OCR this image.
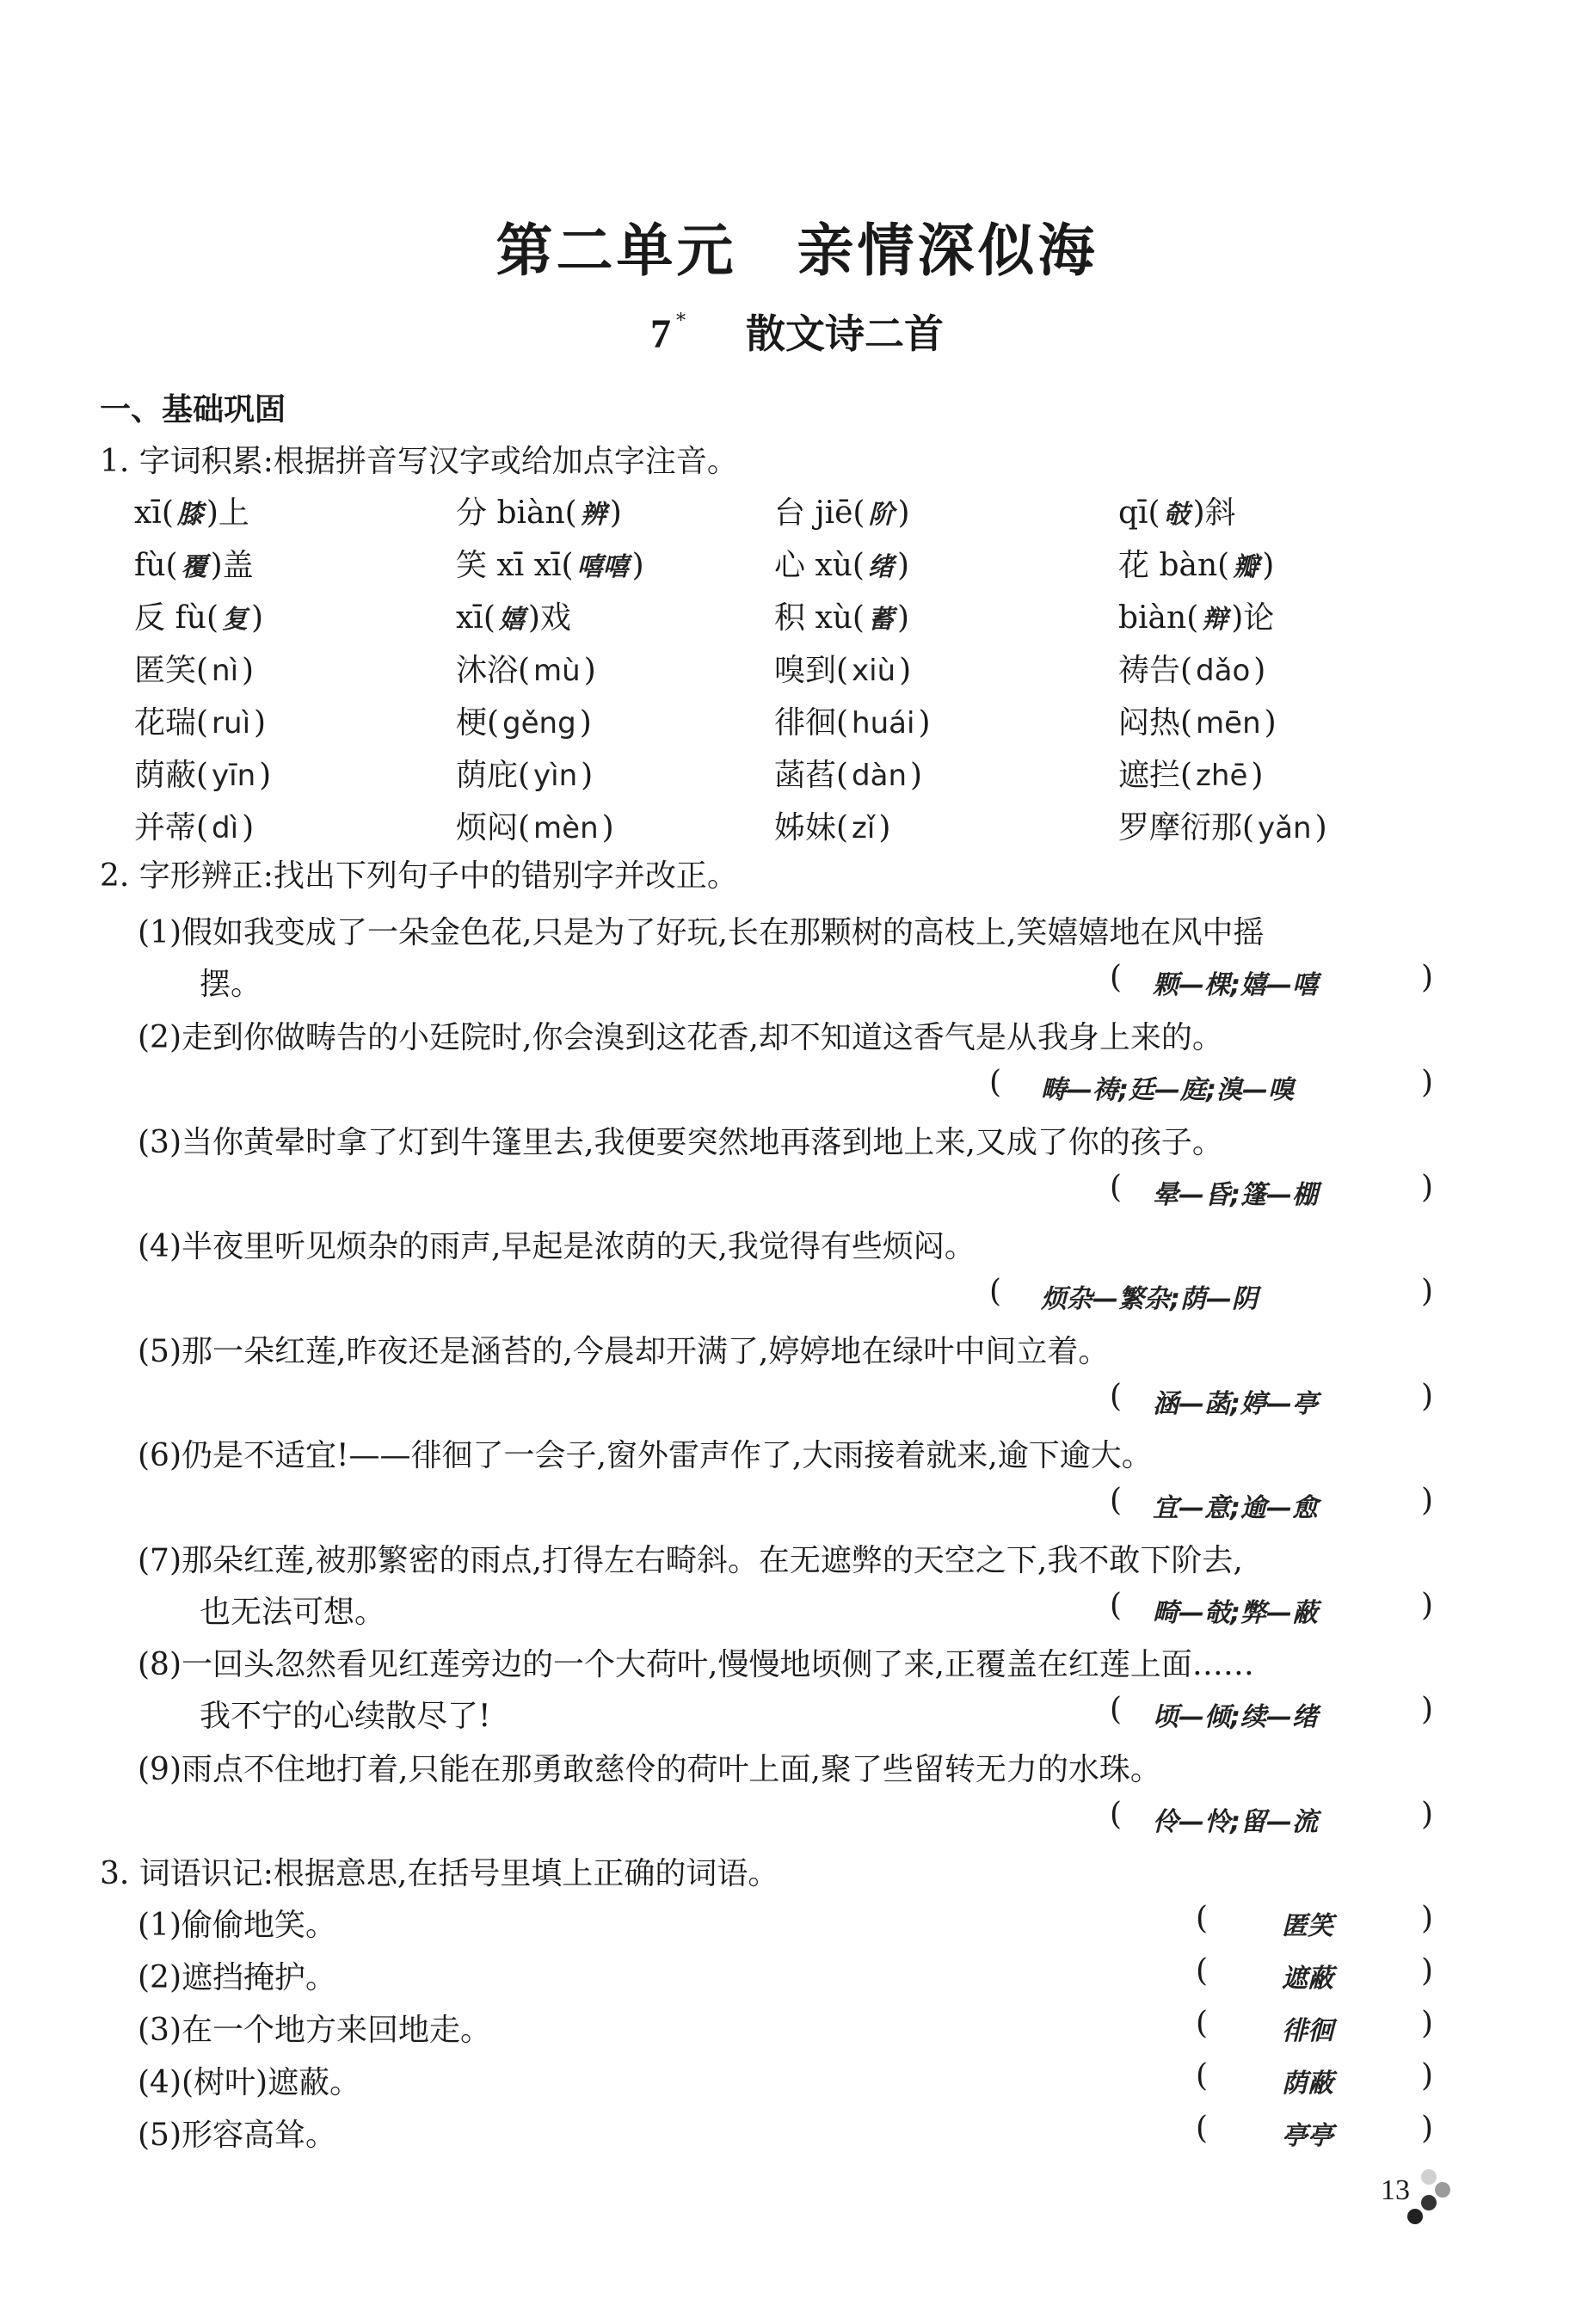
第二单元　亲情深似海
7 * 散文诗二首
一、基础巩固
1. 字词积累:根据拼音写汉字或给加点字注音。
xī( 膝 )上	分 biàn( 辨 )	台 jiē( 阶 )	qī( 攲 )斜
fù( 覆 )盖	笑 xī xī( 嘻嘻 )	心 xù( 绪 )	花 bàn( 瓣 )
反 fù( 复 )	xī( 嬉 )戏	积 xù( 蓄 )	biàn( 辩 )论
匿笑( nì )	沐浴( mù )	嗅到( xiù )	祷告( dǎo )
花瑞( ruì )	梗( gěng )	徘徊( huái )	闷热( mēn )
荫蔽( yīn )	荫庇( yìn )	菡萏( dàn )	遮拦( zhē )
并蒂( dì )	烦闷( mèn )	姊妹( zǐ )	罗摩衍那( yǎn )
2. 字形辨正:找出下列句子中的错别字并改正。
(1)假如我变成了一朵金色花,只是为了好玩,长在那颗树的高枝上,笑嬉嬉地在风中摇
摆。	( 颗—棵;嬉—嘻	)
(2)走到你做畴告的小廷院时,你会溴到这花香,却不知道这香气是从我身上来的。
( 畴—祷;廷—庭;溴—嗅	)
(3)当你黄晕时拿了灯到牛篷里去,我便要突然地再落到地上来,又成了你的孩子。
( 晕—昏;篷—棚	)
(4)半夜里听见烦杂的雨声,早起是浓荫的天,我觉得有些烦闷。
( 烦杂—繁杂;荫—阴	)
(5)那一朵红莲,昨夜还是涵苔的,今晨却开满了,婷婷地在绿叶中间立着。
( 涵—菡;婷—亭	)
(6)仍是不适宜!——徘徊了一会子,窗外雷声作了,大雨接着就来,逾下逾大。
( 宜—意;逾—愈	)
(7)那朵红莲,被那繁密的雨点,打得左右畸斜。在无遮弊的天空之下,我不敢下阶去,
也无法可想。	( 畸—攲;弊—蔽	)
(8)一回头忽然看见红莲旁边的一个大荷叶,慢慢地顷侧了来,正覆盖在红莲上面……
我不宁的心续散尽了!	( 顷—倾;续—绪	)
(9)雨点不住地打着,只能在那勇敢慈伶的荷叶上面,聚了些留转无力的水珠。
( 伶—怜;留—流	)
3. 词语识记:根据意思,在括号里填上正确的词语。
(1)偷偷地笑。	(	匿笑	)
(2)遮挡掩护。	(	遮蔽	)
(3)在一个地方来回地走。	(	徘徊	)
(4)(树叶)遮蔽。	(	荫蔽	)
(5)形容高耸。	(	亭亭	)
13
